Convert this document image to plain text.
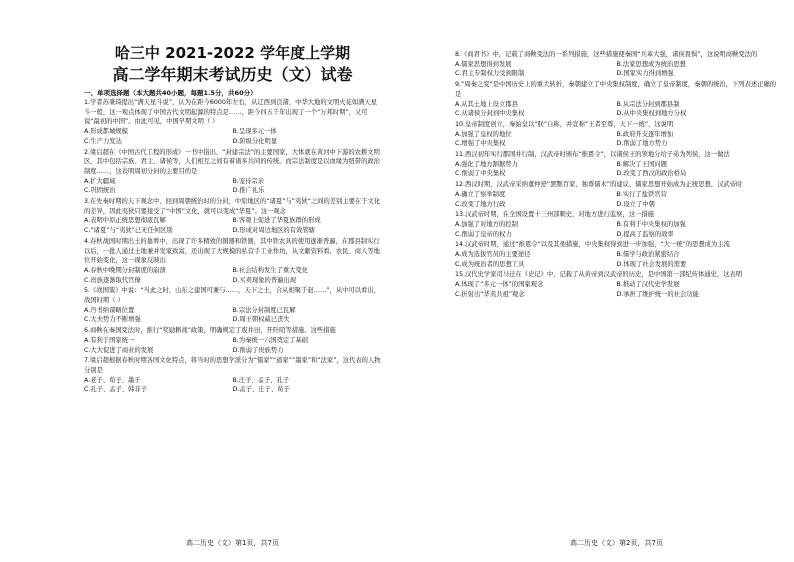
哈三中 2021-2022 学年度上学期
高二学年期末考试历史（文）试卷
一、单项选择题（本大题共40小题，每题1.5分，共60分）

1.学者苏秉琦提出“满天星斗说”，认为在距今6000年左右，从辽西到良渚，中华大地的文明火花如满天星斗一般，这一观点体现了中国古代文明起源的特点是……，距今四五千年出现了一个“万邦时期”，又可说“最初的中国”。由此可见，中国早期文明（ ）

A.形成都城规模	B.呈现多元一体
C.生产力发达	D.阶级分化明显

2.梁启超在《中国古代工程的形成》一书中指出，“封建宗法”的主要国家，大体就在黄河中下游的农耕文明区，其中包括宗族、君主、诸侯等，人们相互之间有着诸多共同的传统。而宗法制度是以血缘为纽带的政治制度……，这表明周初分封的主要目的是

A.扩大疆域	B.宠待宗亲
C.巩固统治	D.推广礼乐

3.在先秦时期的天下观念中，回到周朝统治时的分封，中原地区的“诸夏”与“夷狄”之间的差别主要在于文化的差异，因此夷狄只要接受了“中国”文化，就可以变成“华夏”。这一观念

A.表明中原正统思想彻底瓦解	B.客观上促进了华夏族群的形成
C.“诸夏”与“夷狄”已无任何区别	D.形成对周边地区的有效管辖

4.春秋战国时期出土的墓葬中，出现了许多精致的铜器和铁器，其中铁农具的使用逐渐普遍，在郡县制实行以后，一批人通过土地兼并发家致富，还出现了大规模的私营手工业作坊，从文献资料看，农民、商人等地位开始变化，这一现象反映出

A.春秋中晚期分封制度的崩溃	B.社会结构发生了重大变化
C.贵族逐渐取代官僚	D.买卖现象的普遍出现

5.《战国策》中说：“当此之时，山东之建国可兼与……，天下之士，合从相聚于赵……”，从中可以看出，战国时期（ ）

A.丹书纳谋略位置	B.宗法分封制度已瓦解
C.大夫势力不断增强	D.周王朝权威已丧失

6.商鞅在秦国变法时，推行“奖励耕战”政策，明确规定了废井田、开阡陌等措施。这些措施

A.有利于国家统一	B.为秦统一六国奠定了基础
C.大大促进了商业的发展	D.削弱了贵族势力

7.梁启超根据春秋时期各国文化特点，将当时的思想学派分为“儒家”“道家”“墨家”和“法家”，这代表的人物分别是

A.老子、荀子、墨子	B.庄子、孟子、孔子
C.孔子、孟子、韩非子	D.孟子、庄子、荀子
高二历史（文）第1页，共7页

8.《商君书》中，记载了商鞅变法的一系列措施，这些措施使秦国“兵革大强，诸侯畏惧”，这说明商鞅变法的

A.儒家思想得到发展	B.法家思想成为统治思想
C.君主专制权力受到限制	D.国家实力得到增强

9.“周秦之变”是中国历史上的重大转折，秦朝建立了中央集权制度，确立了皇帝制度，秦朝的统治，下列表述正确的是

A.从其土地上设立郡县	B.从宗法分封到郡县制
C.从诸侯分封到中央集权	D.从中央集权到地方分权

10.皇帝制度创立，秦始皇以“朕”自称，并宣称“王者至尊，天下一统”，这说明

A.加强了皇权的地位	B.政府开支逐年增加
C.增强了中央集权	D.削弱了地方势力

11.西汉初年实行郡国并行制，汉武帝时颁布“推恩令”，以诸侯王的领地分给子弟为列侯，这一做法

A.强化了地方割据势力	B.解决了王国问题
C.削弱了中央集权	D.改变了西汉的政治格局

12.西汉时期，汉武帝采纳董仲舒“罢黜百家，独尊儒术”的建议，儒家思想开始成为正统思想，汉武帝时

A.确立了察举制度	B.实行了盐铁官营
C.改变了地方行政	D.设立了中朝

13.汉武帝时期，在全国设置十三州部刺史，对地方进行监察，这一措施

A.加强了对地方的控制	B.有利于中央集权的加强
C.削弱了皇帝的权力	D.提高了监察的效率

14.汉武帝时期，通过“推恩令”以及其他措施，中央集权得到进一步加强，“大一统”的思想成为主流

A.成为选拔官员的主要途径	B.儒学与政治紧密结合
C.成为统治者的思想工具	D.体现了社会发展的需要

15.汉代史学家司马迁在《史记》中，记载了从黄帝到汉武帝的历史，是中国第一部纪传体通史，这表明

A.体现了“多元一体”的国家观念	B.推动了汉代史学发展
C.折射出“华夷共祖”观念	D.承担了维护统一的社会功能
高二历史（文）第2页，共7页
